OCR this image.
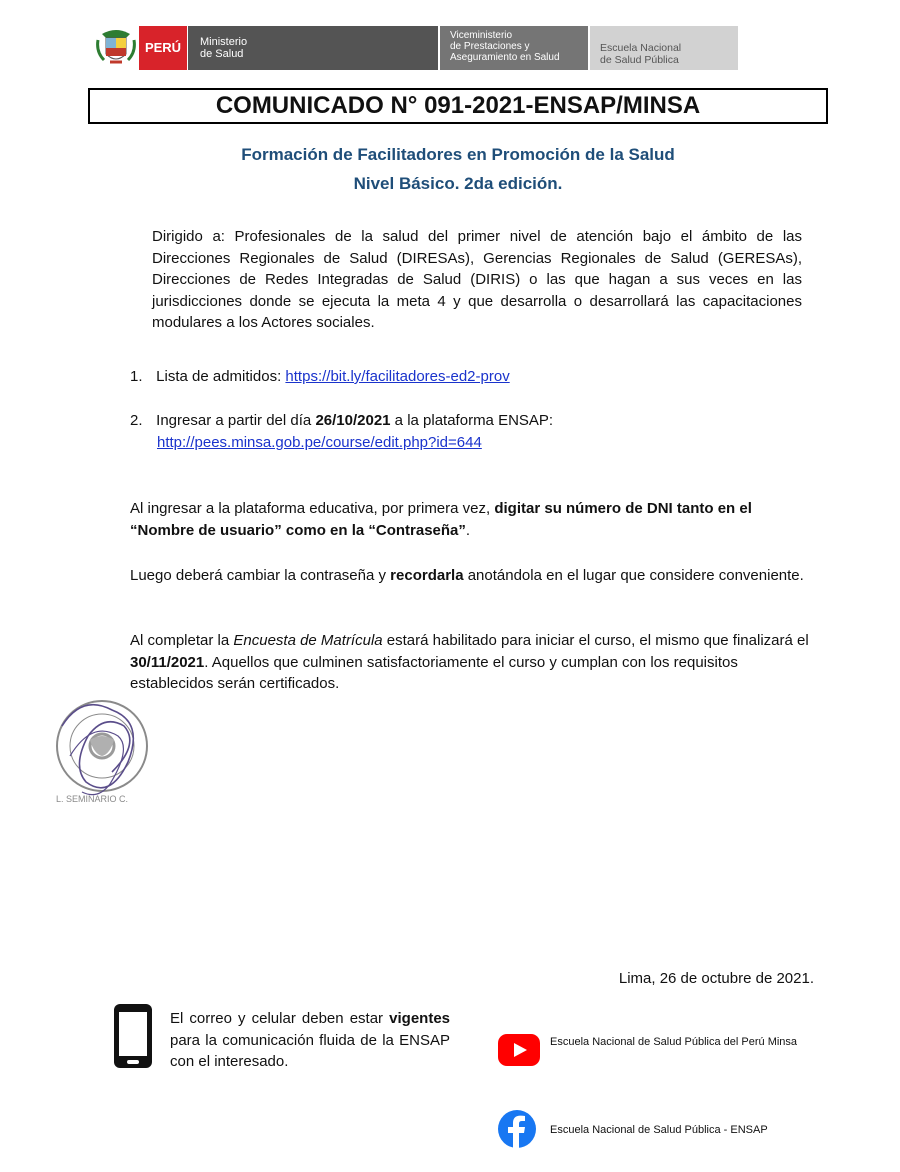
PERÚ	Ministerio
de Salud
Viceministerio
de Prestaciones y
Aseguramiento en Salud
Escuela Nacional
de Salud Pública
COMUNICADO N° 091-2021-ENSAP/MINSA
Formación de Facilitadores en Promoción de la Salud
Nivel Básico. 2da edición.
Dirigido a: Profesionales de la salud del primer nivel de atención bajo el ámbito de las Direcciones Regionales de Salud (DIRESAs), Gerencias Regionales de Salud (GERESAs), Direcciones de Redes Integradas de Salud (DIRIS) o las que hagan a sus veces en las jurisdicciones donde se ejecuta la meta 4 y que desarrolla o desarrollará las capacitaciones modulares a los Actores sociales.
1. Lista de admitidos: https://bit.ly/facilitadores-ed2-prov
2. Ingresar a partir del día 26/10/2021 a la plataforma ENSAP:
http://pees.minsa.gob.pe/course/edit.php?id=644
Al ingresar a la plataforma educativa, por primera vez, digitar su número de DNI tanto en el “Nombre de usuario” como en la “Contraseña”.
Luego deberá cambiar la contraseña y recordarla anotándola en el lugar que considere conveniente.
Al completar la Encuesta de Matrícula estará habilitado para iniciar el curso, el mismo que finalizará el 30/11/2021. Aquellos que culminen satisfactoriamente el curso y cumplan con los requisitos establecidos serán certificados.
L. SEMINARIO C.
Lima, 26 de octubre de 2021.
El correo y celular deben estar vigentes para la comunicación fluida de la ENSAP con el interesado.
Escuela Nacional de Salud Pública del Perú Minsa
Escuela Nacional de Salud Pública - ENSAP
